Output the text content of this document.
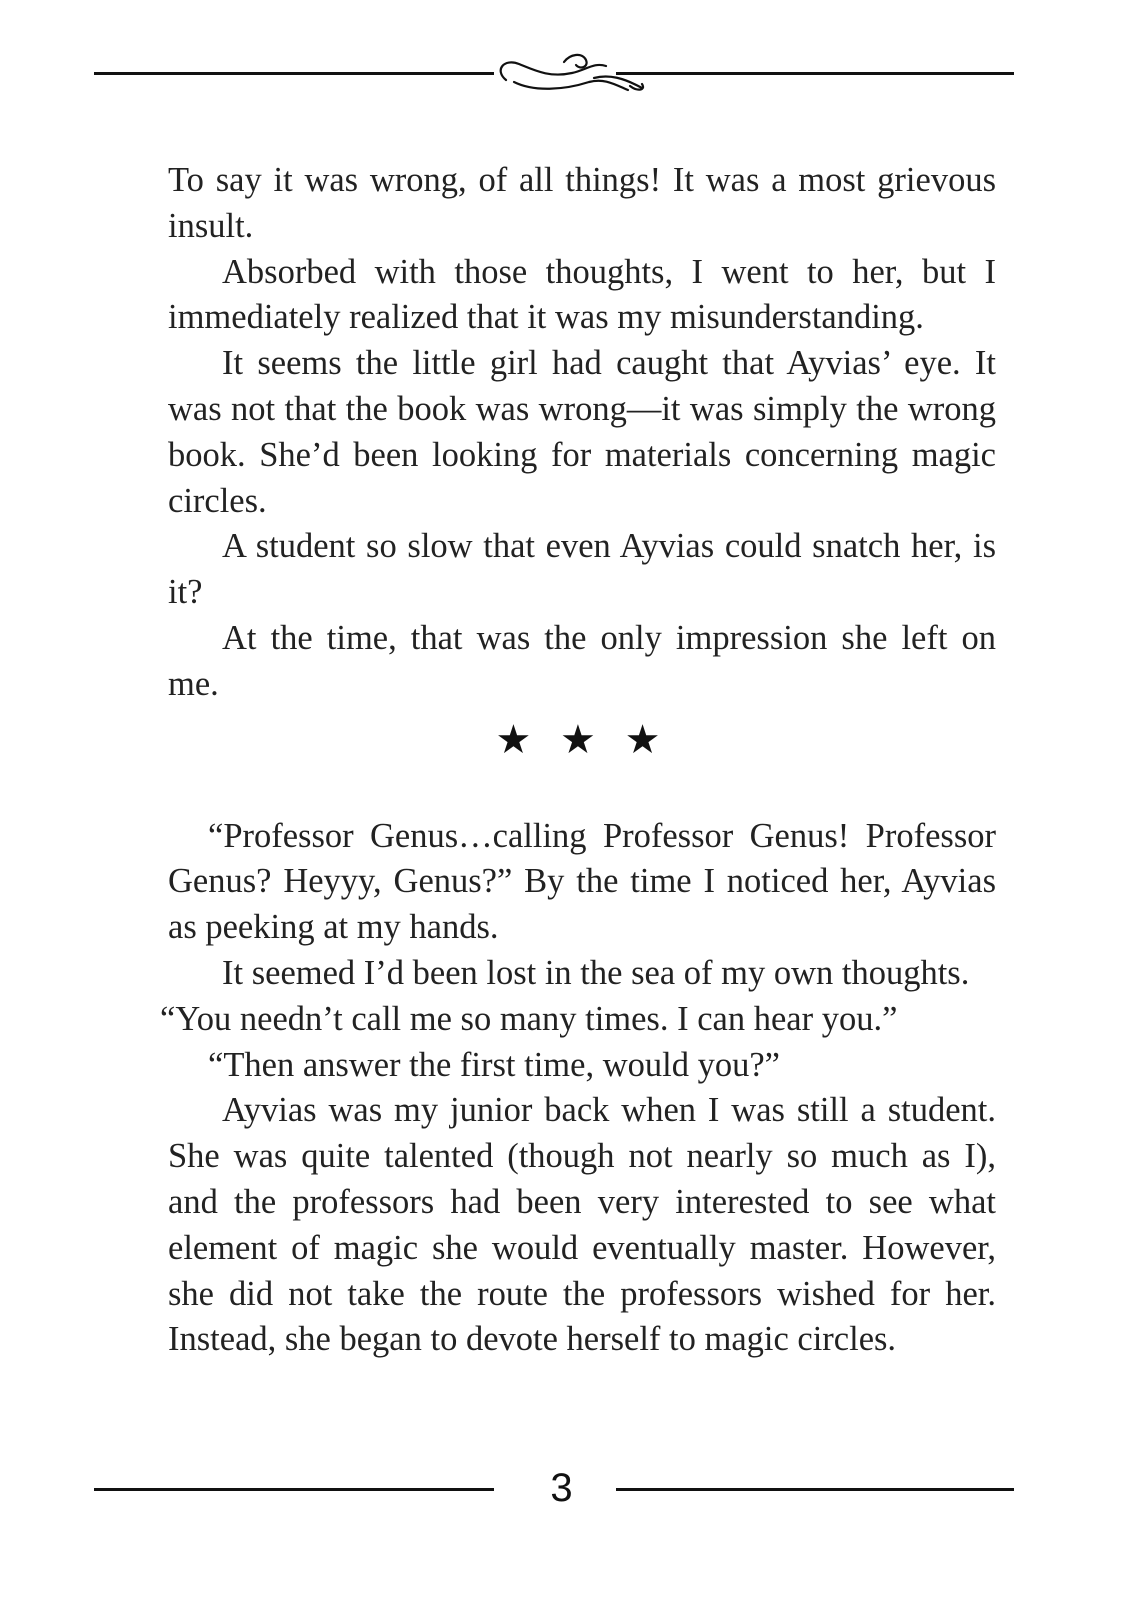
To say it was wrong, of all things! It was a most grievous insult.

Absorbed with those thoughts, I went to her, but I immediately realized that it was my misunderstanding.

It seems the little girl had caught that Ayvias’ eye. It was not that the book was wrong—it was simply the wrong book. She’d been looking for materials concerning magic circles.

A student so slow that even Ayvias could snatch her, is it?

At the time, that was the only impression she left on me.

★ ★ ★

“Professor Genus…calling Professor Genus! Professor Genus? Heyyy, Genus?” By the time I noticed her, Ayvias as peeking at my hands.

It seemed I’d been lost in the sea of my own thoughts.

“You needn’t call me so many times. I can hear you.”

“Then answer the first time, would you?”

Ayvias was my junior back when I was still a student. She was quite talented (though not nearly so much as I), and the professors had been very interested to see what element of magic she would eventually master. However, she did not take the route the professors wished for her. Instead, she began to devote herself to magic circles.

3
